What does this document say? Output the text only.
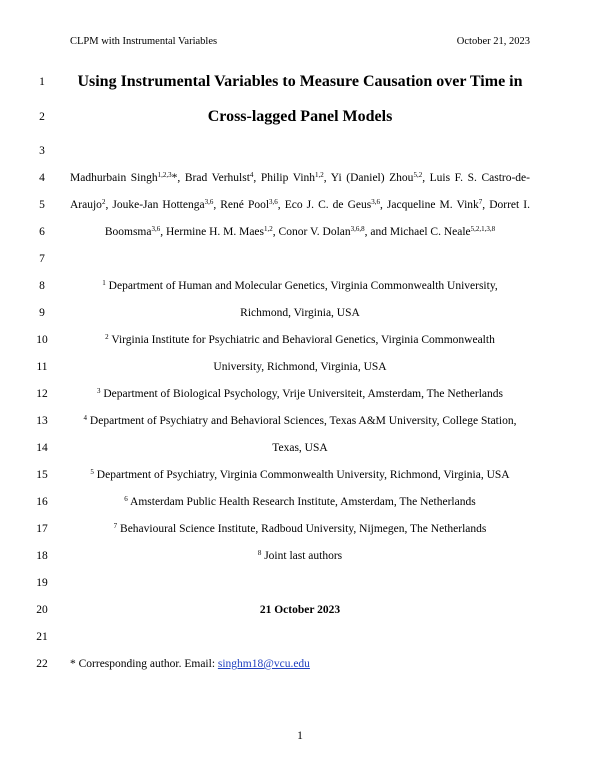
CLPM with Instrumental Variables	October 21, 2023
1
2
3
4
5
6
7
8
9
10
11
12
13
14
15
16
17
18
19
20
21
22
Using Instrumental Variables to Measure Causation over Time in
Cross-lagged Panel Models
Madhurbain Singh$^{1,2,3}$*, Brad Verhulst$^4$, Philip Vinh$^{1,2}$, Yi (Daniel) Zhou$^{5,2}$, Luis F. S. Castro-de-
Araujo$^2$, Jouke-Jan Hottenga$^{3,6}$, René Pool$^{3,6}$, Eco J. C. de Geus$^{3,6}$, Jacqueline M. Vink$^7$, Dorret I.
Boomsma$^{3,6}$, Hermine H. M. Maes$^{1,2}$, Conor V. Dolan$^{3,6,8}$, and Michael C. Neale$^{5,2,1,3,8}$
$^1$ Department of Human and Molecular Genetics, Virginia Commonwealth University,
Richmond, Virginia, USA
$^2$ Virginia Institute for Psychiatric and Behavioral Genetics, Virginia Commonwealth
University, Richmond, Virginia, USA
$^3$ Department of Biological Psychology, Vrije Universiteit, Amsterdam, The Netherlands
$^4$ Department of Psychiatry and Behavioral Sciences, Texas A&M University, College Station,
Texas, USA
$^5$ Department of Psychiatry, Virginia Commonwealth University, Richmond, Virginia, USA
$^6$ Amsterdam Public Health Research Institute, Amsterdam, The Netherlands
$^7$ Behavioural Science Institute, Radboud University, Nijmegen, The Netherlands
$^8$ Joint last authors
21 October 2023
* Corresponding author. Email: singhm18@vcu.edu
1
